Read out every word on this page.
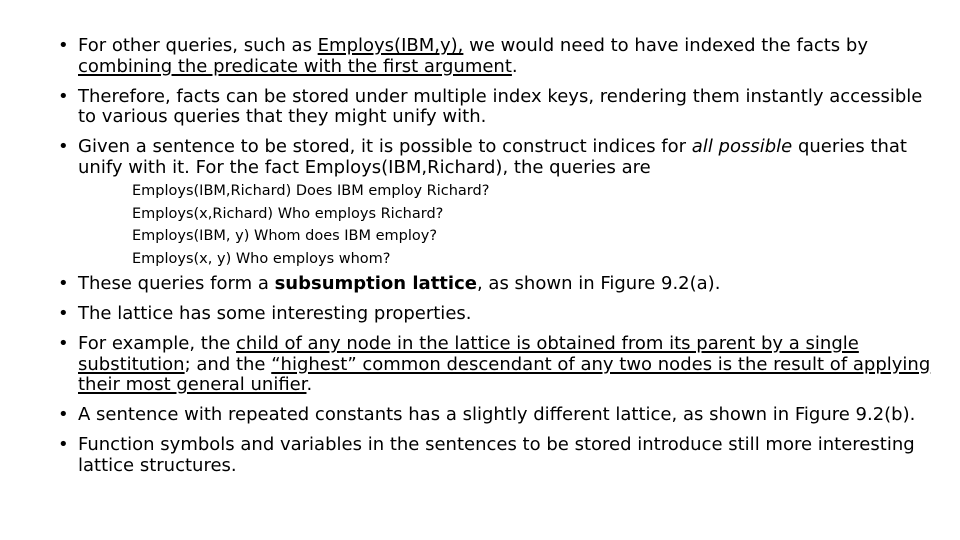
• For other queries, such as Employs(IBM,y), we would need to have indexed the facts by combining the predicate with the first argument.
• Therefore, facts can be stored under multiple index keys, rendering them instantly accessible to various queries that they might unify with.
• Given a sentence to be stored, it is possible to construct indices for all possible queries that unify with it. For the fact Employs(IBM,Richard), the queries are
Employs(IBM,Richard) Does IBM employ Richard?
Employs(x,Richard) Who employs Richard?
Employs(IBM, y) Whom does IBM employ?
Employs(x, y) Who employs whom?
• These queries form a subsumption lattice, as shown in Figure 9.2(a).
• The lattice has some interesting properties.
• For example, the child of any node in the lattice is obtained from its parent by a single substitution; and the “highest” common descendant of any two nodes is the result of applying their most general unifier.
• A sentence with repeated constants has a slightly different lattice, as shown in Figure 9.2(b).
• Function symbols and variables in the sentences to be stored introduce still more interesting lattice structures.
